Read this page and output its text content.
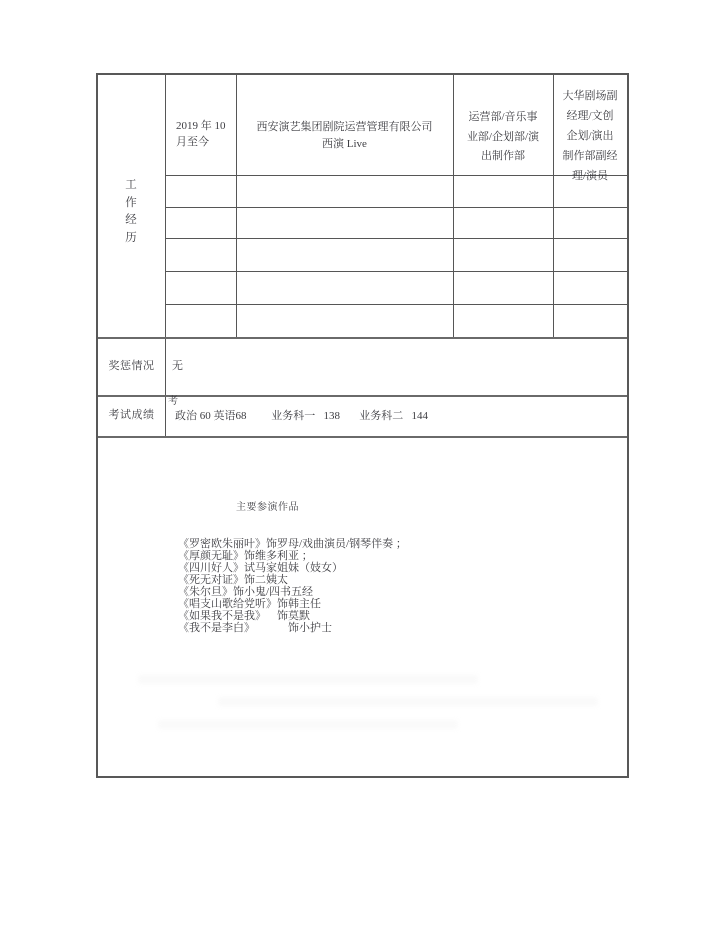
工
作
经
历
2019 年 10
月至今
西安演艺集团剧院运营管理有限公司
西演 Live
运营部/音乐事
业部/企划部/演
出制作部
大华剧场副
经理/文创
企划/演出
制作部副经
理/演员
奖惩情况	无
考试成绩
考
政治 60 英语68         业务科一   138       业务科二   144
主要参演作品
《罗密欧朱丽叶》饰罗母/戏曲演员/钢琴伴奏 ；
《厚颜无耻》饰维多利亚 ；
《四川好人》试马家姐妹（妓女）
《死无对证》饰二姨太
《朱尔旦》饰小鬼/四书五经
《唱支山歌给党听》饰韩主任
《如果我不是我》    饰莫默
《我不是李白》            饰小护士
